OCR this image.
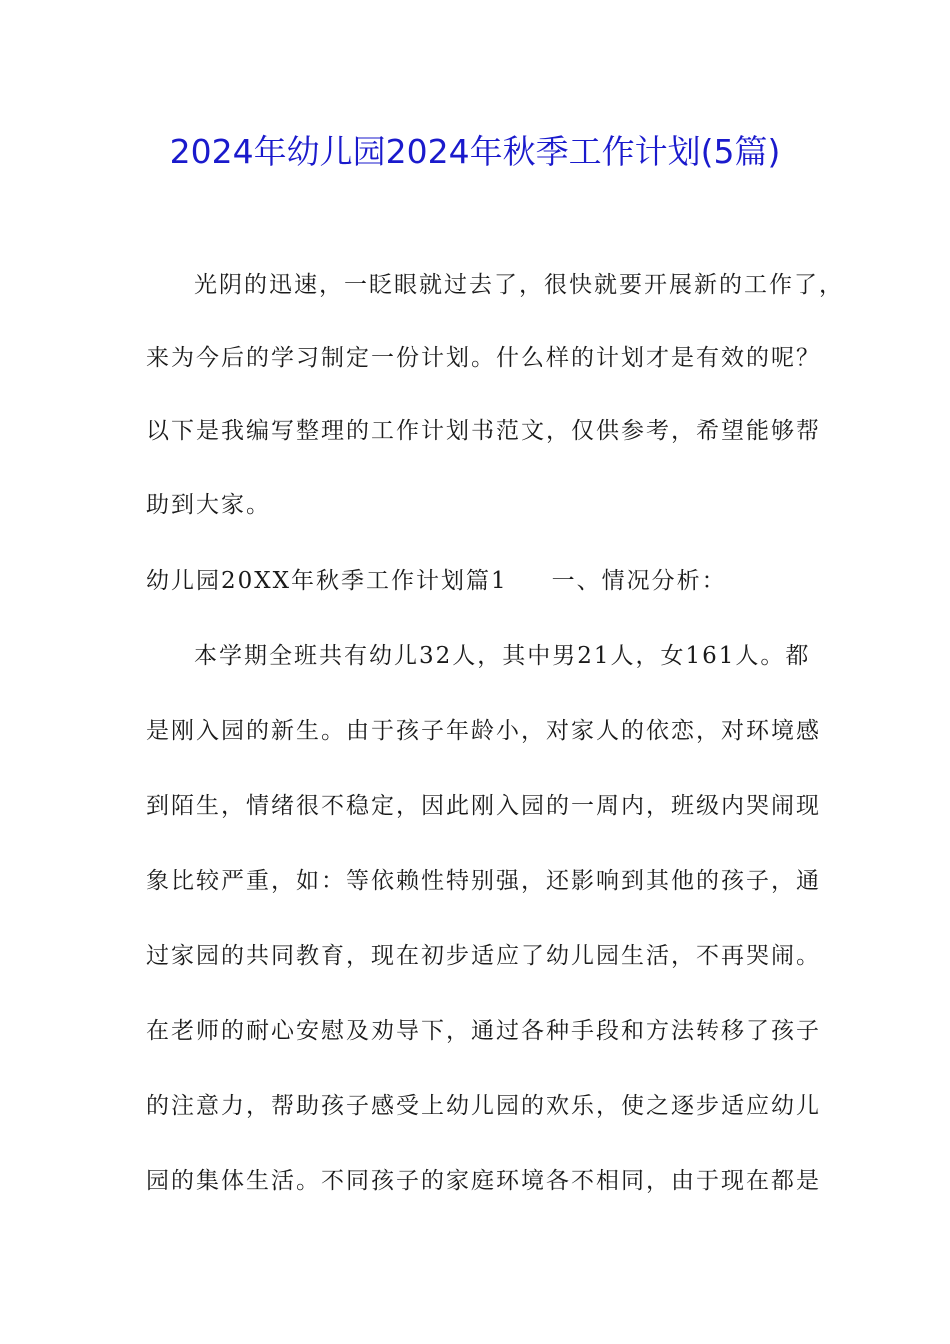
2024年幼儿园2024年秋季工作计划(5篇)
光阴的迅速，一眨眼就过去了，很快就要开展新的工作了，
来为今后的学习制定一份计划。什么样的计划才是有效的呢？
以下是我编写整理的工作计划书范文，仅供参考，希望能够帮
助到大家。
幼儿园20XX年秋季工作计划篇1 一、情况分析：
本学期全班共有幼儿32人，其中男21人，女161人。都
是刚入园的新生。由于孩子年龄小，对家人的依恋，对环境感
到陌生，情绪很不稳定，因此刚入园的一周内，班级内哭闹现
象比较严重，如：等依赖性特别强，还影响到其他的孩子，通
过家园的共同教育，现在初步适应了幼儿园生活，不再哭闹。
在老师的耐心安慰及劝导下，通过各种手段和方法转移了孩子
的注意力，帮助孩子感受上幼儿园的欢乐，使之逐步适应幼儿
园的集体生活。不同孩子的家庭环境各不相同，由于现在都是
